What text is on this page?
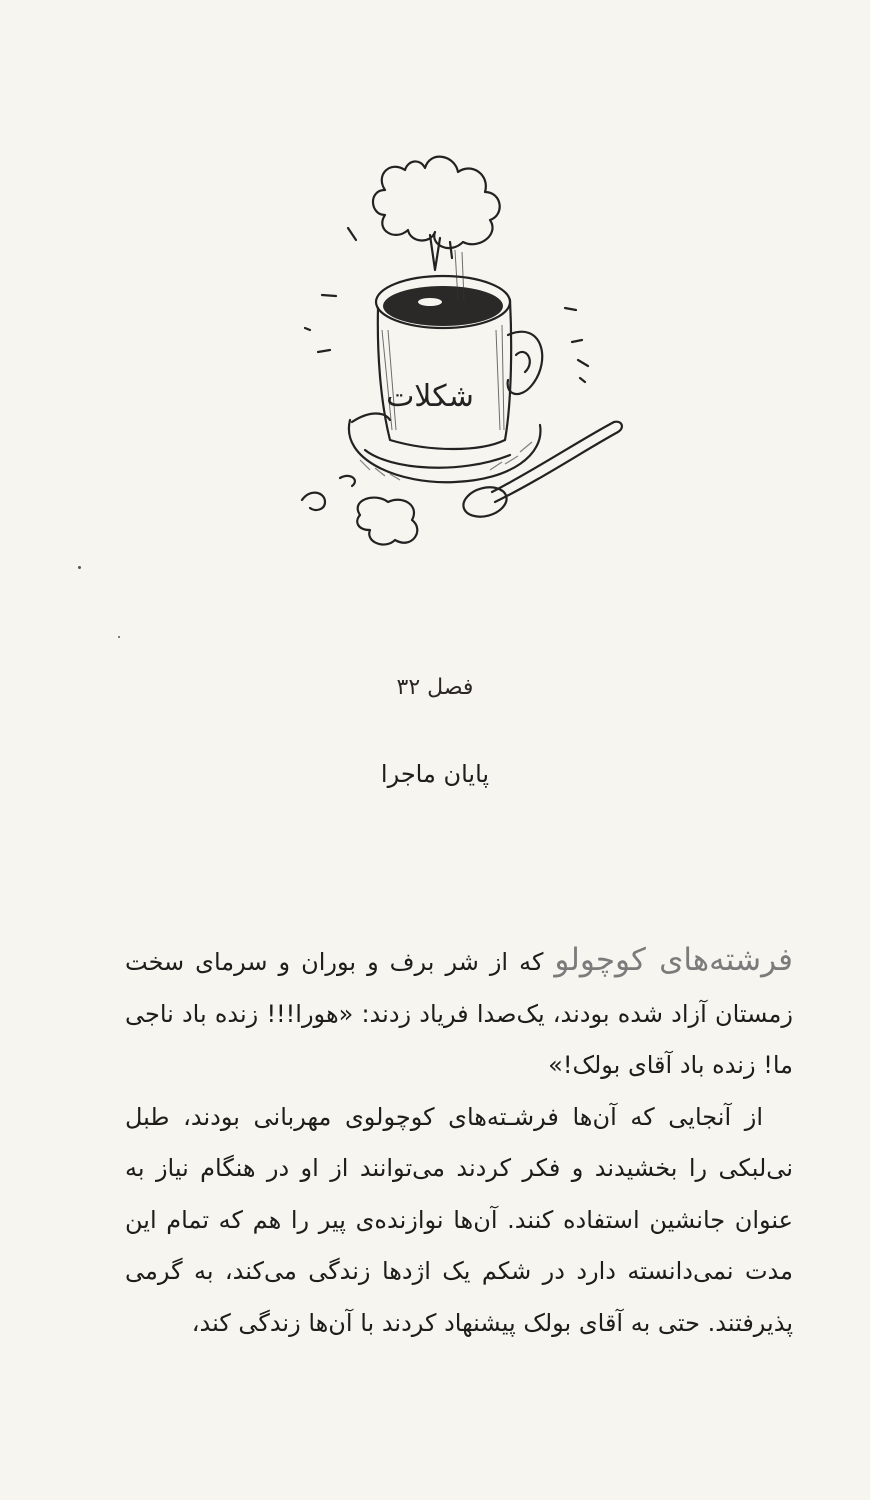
شکلات
فصل ۳۲
پایان ماجرا

فرشته‌های کوچولو که از شر برف و بوران و سرمای سخت زمستان آزاد شده بودند، یک‌صدا فریاد زدند: «هورا!!! زنده باد ناجی ما! زنده باد آقای بولک!»

از آنجایی که آن‌ها فرشـته‌های کوچولوی مهربانی بودند، طبل نی‌لبکی را بخشیدند و فکر کردند می‌توانند از او در هنگام نیاز به عنوان جانشین استفاده کنند. آن‌ها نوازنده‌ی پیر را هم که تمام این مدت نمی‌دانسته دارد در شکم یک اژدها زندگی می‌کند، به گرمی پذیرفتند. حتی به آقای بولک پیشنهاد کردند با آن‌ها زندگی کند،
